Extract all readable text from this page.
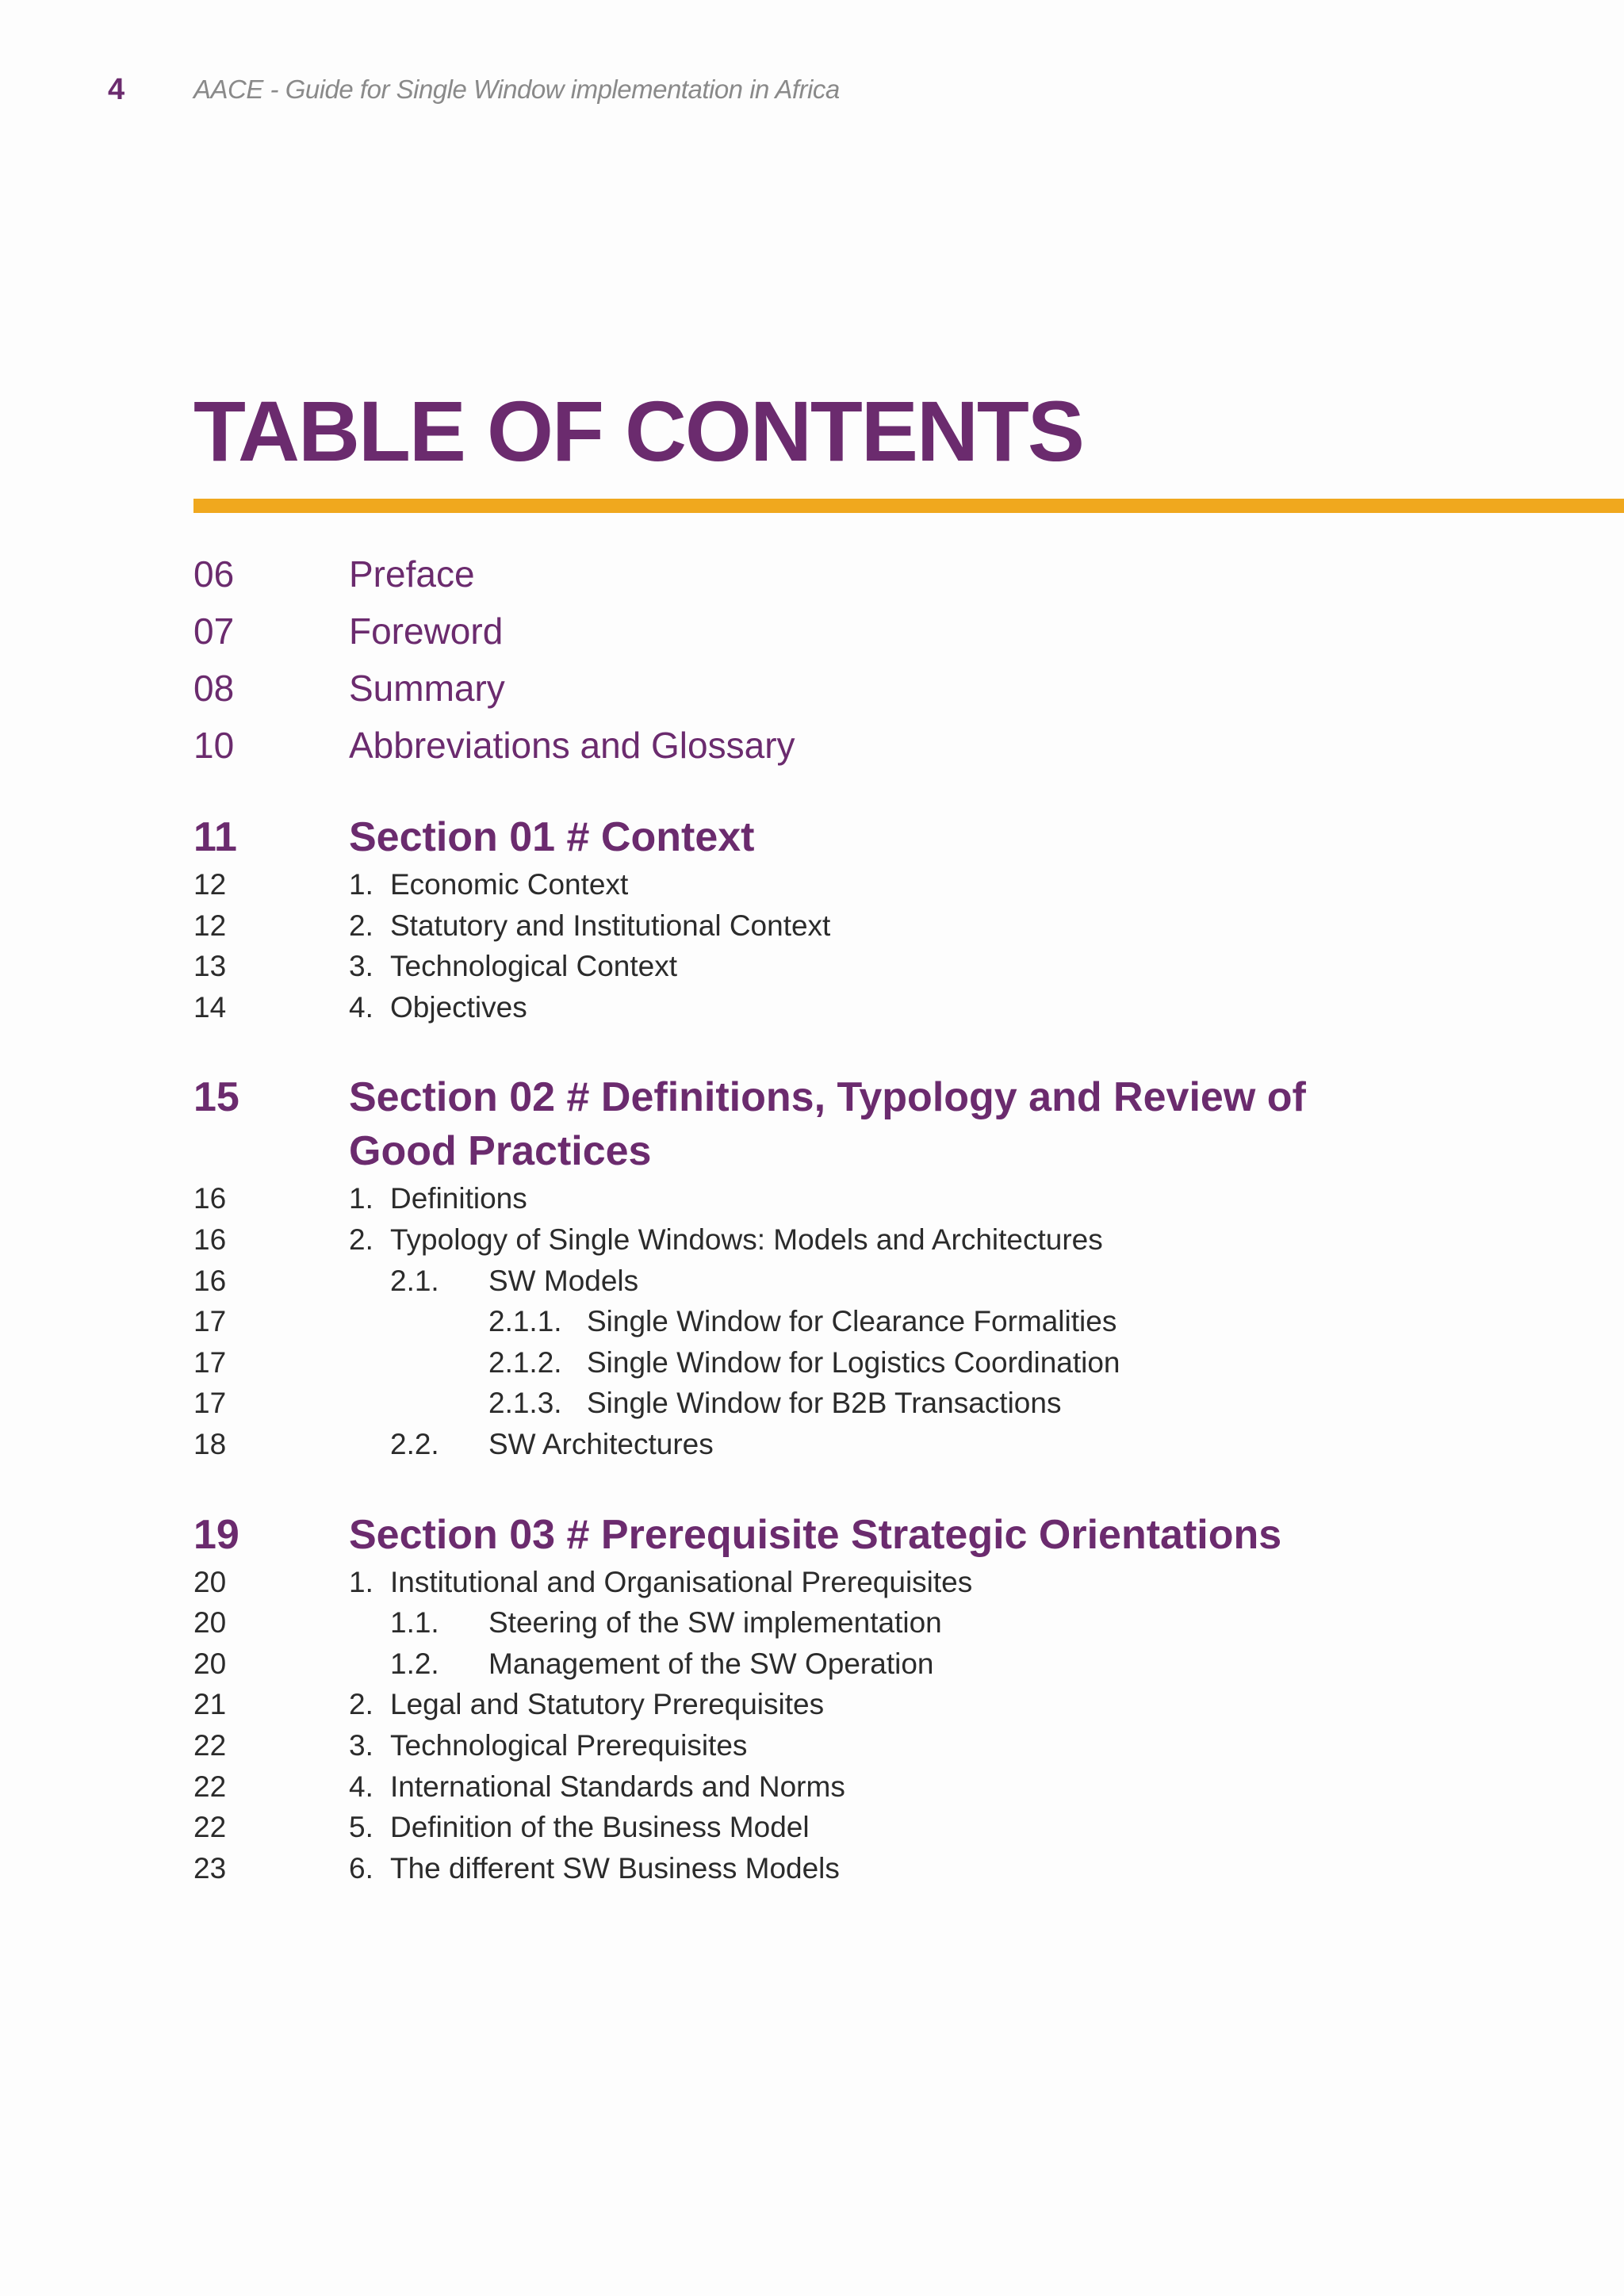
4	AACE - Guide for Single Window implementation in Africa
TABLE OF CONTENTS
06	Preface
07	Foreword
08	Summary
10	Abbreviations and Glossary
11	Section 01 # Context
12	1. Economic Context
12	2. Statutory and Institutional Context
13	3. Technological Context
14	4. Objectives
15	Section 02 # Definitions, Typology and Review of Good Practices
16	1. Definitions
16	2. Typology of Single Windows: Models and Architectures
16	2.1. SW Models
17	2.1.1. Single Window for Clearance Formalities
17	2.1.2. Single Window for Logistics Coordination
17	2.1.3. Single Window for B2B Transactions
18	2.2. SW Architectures
19	Section 03 # Prerequisite Strategic Orientations
20	1. Institutional and Organisational Prerequisites
20	1.1. Steering of the SW implementation
20	1.2. Management of the SW Operation
21	2. Legal and Statutory Prerequisites
22	3. Technological Prerequisites
22	4. International Standards and Norms
22	5. Definition of the Business Model
23	6. The different SW Business Models
